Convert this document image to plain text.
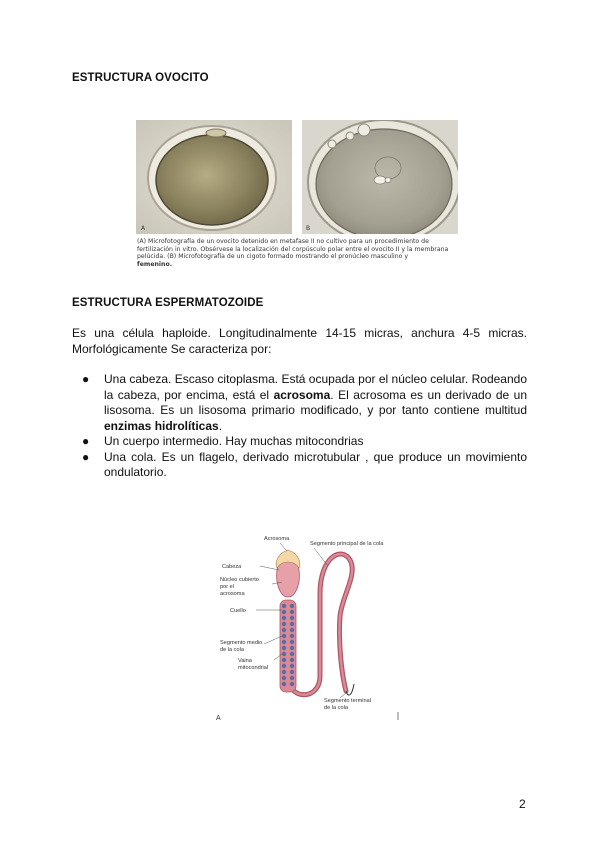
ESTRUCTURA OVOCITO
A	B
(A) Microfotografía de un ovocito detenido en metafase II no cultivo para un procedimiento de
fertilización in vitro. Obsérvese la localización del corpúsculo polar entre el ovocito II y la membrana
pelúcida. (B) Microfotografía de un cigoto formado mostrando el pronúcleo masculino y
femenino.
ESTRUCTURA ESPERMATOZOIDE
Es una célula haploide. Longitudinalmente 14-15 micras, anchura 4-5 micras.
Morfológicamente Se caracteriza por:
● Una cabeza. Escaso citoplasma. Está ocupada por el núcleo celular. Rodeando la cabeza, por encima, está el acrosoma. El acrosoma es un derivado de un lisosoma. Es un lisosoma primario modificado, y por tanto contiene multitud enzimas hidrolíticas.
● Un cuerpo intermedio. Hay muchas mitocondrias
● Una cola. Es un flagelo, derivado microtubular , que produce un movimiento ondulatorio.
Acrosoma
Cabeza
Núcleo cubierto
por el
acrosoma
Cuello
Segmento medio
de la cola
Vaina
mitocondrial
Segmento principal de la cola
Segmento terminal
de la cola
A
2
